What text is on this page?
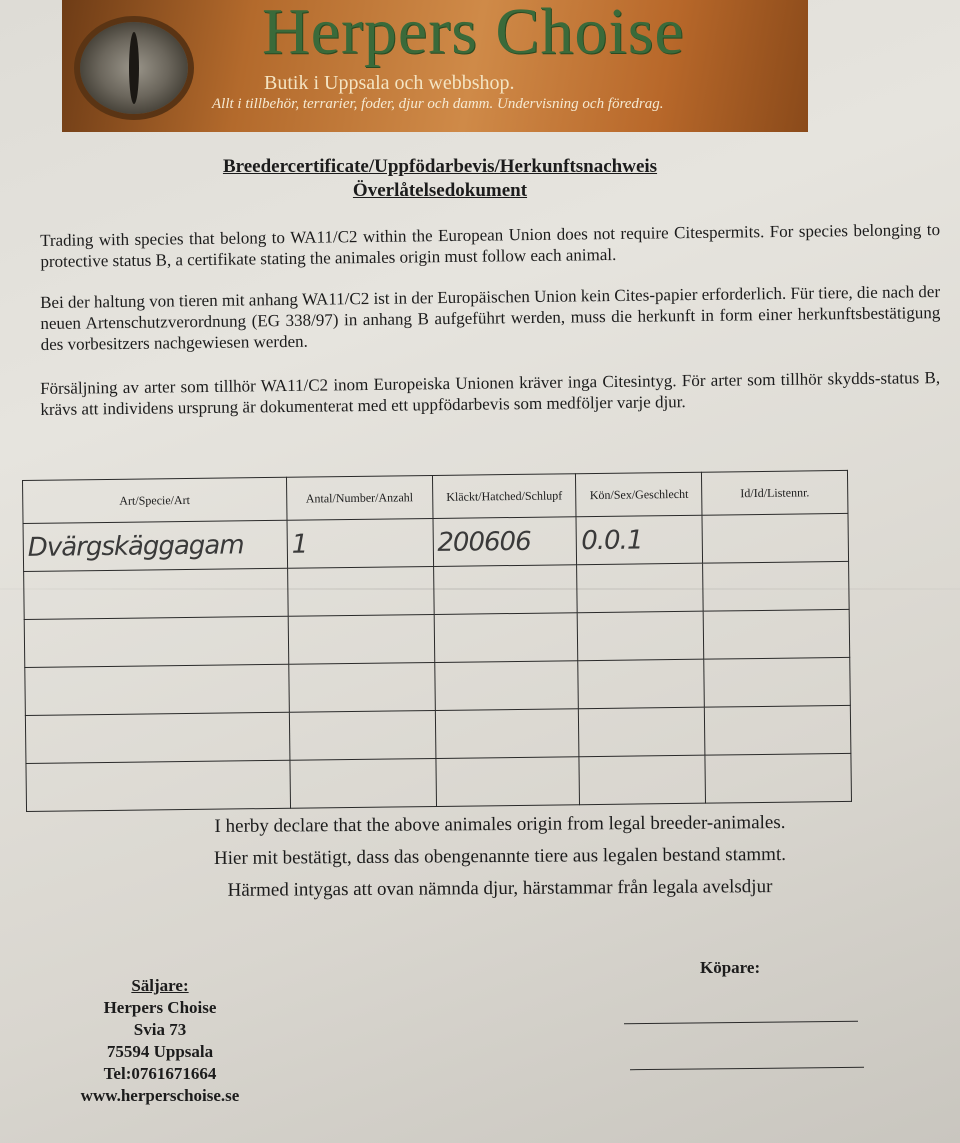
Herpers Choise
Butik i Uppsala och webbshop.
Allt i tillbehör, terrarier, foder, djur och damm. Undervisning och föredrag.
Breedercertificate/Uppfödarbevis/Herkunftsnachweis
Överlåtelsedokument
Trading with species that belong to WA11/C2 within the European Union does not require Citespermits. For species belonging to protective status B, a certifikate stating the animales origin must follow each animal.
Bei der haltung von tieren mit anhang WA11/C2 ist in der Europäischen Union kein Cites-papier erforderlich. Für tiere, die nach der neuen Artenschutzverordnung (EG 338/97) in anhang B aufgeführt werden, muss die herkunft in form einer herkunftsbestätigung des vorbesitzers nachgewiesen werden.
Försäljning av arter som tillhör WA11/C2 inom Europeiska Unionen kräver inga Citesintyg. För arter som tillhör skydds-status B, krävs att individens ursprung är dokumenterat med ett uppfödarbevis som medföljer varje djur.
Art/Specie/Art	Antal/Number/Anzahl	Kläckt/Hatched/Schlupf	Kön/Sex/Geschlecht	Id/Id/Listennr.
Dvärgskäggagam	1	200606	0.0.1	

I herby declare that the above animales origin from legal breeder-animales.
Hier mit bestätigt, dass das obengenannte tiere aus legalen bestand stammt.
Härmed intygas att ovan nämnda djur, härstammar från legala avelsdjur
Säljare:
Herpers Choise
Svia 73
75594 Uppsala
Tel:0761671664
www.herperschoise.se
Köpare:
